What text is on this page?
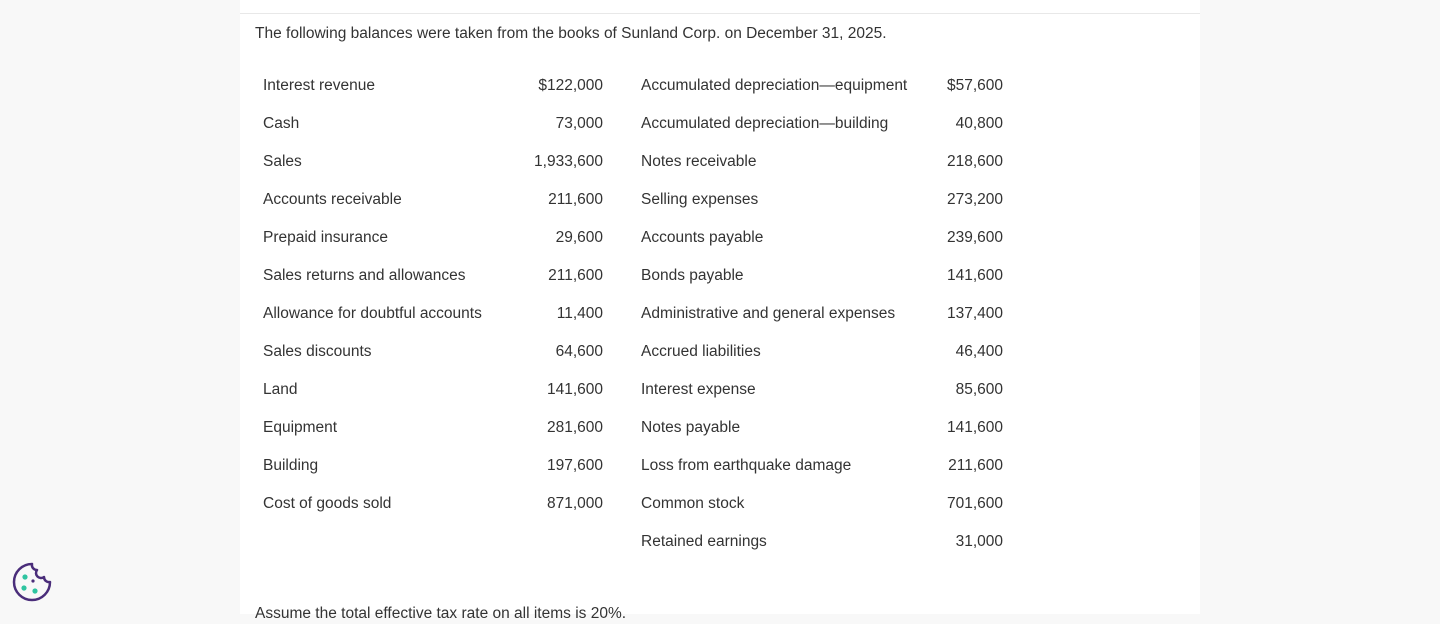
The following balances were taken from the books of Sunland Corp. on December 31, 2025.
Interest revenue	$122,000		Accumulated depreciation—equipment	$57,600
Cash	73,000		Accumulated depreciation—building	40,800
Sales	1,933,600		Notes receivable	218,600
Accounts receivable	211,600		Selling expenses	273,200
Prepaid insurance	29,600		Accounts payable	239,600
Sales returns and allowances	211,600		Bonds payable	141,600
Allowance for doubtful accounts	11,400		Administrative and general expenses	137,400
Sales discounts	64,600		Accrued liabilities	46,400
Land	141,600		Interest expense	85,600
Equipment	281,600		Notes payable	141,600
Building	197,600		Loss from earthquake damage	211,600
Cost of goods sold	871,000		Common stock	701,600
			Retained earnings	31,000
Assume the total effective tax rate on all items is 20%.
